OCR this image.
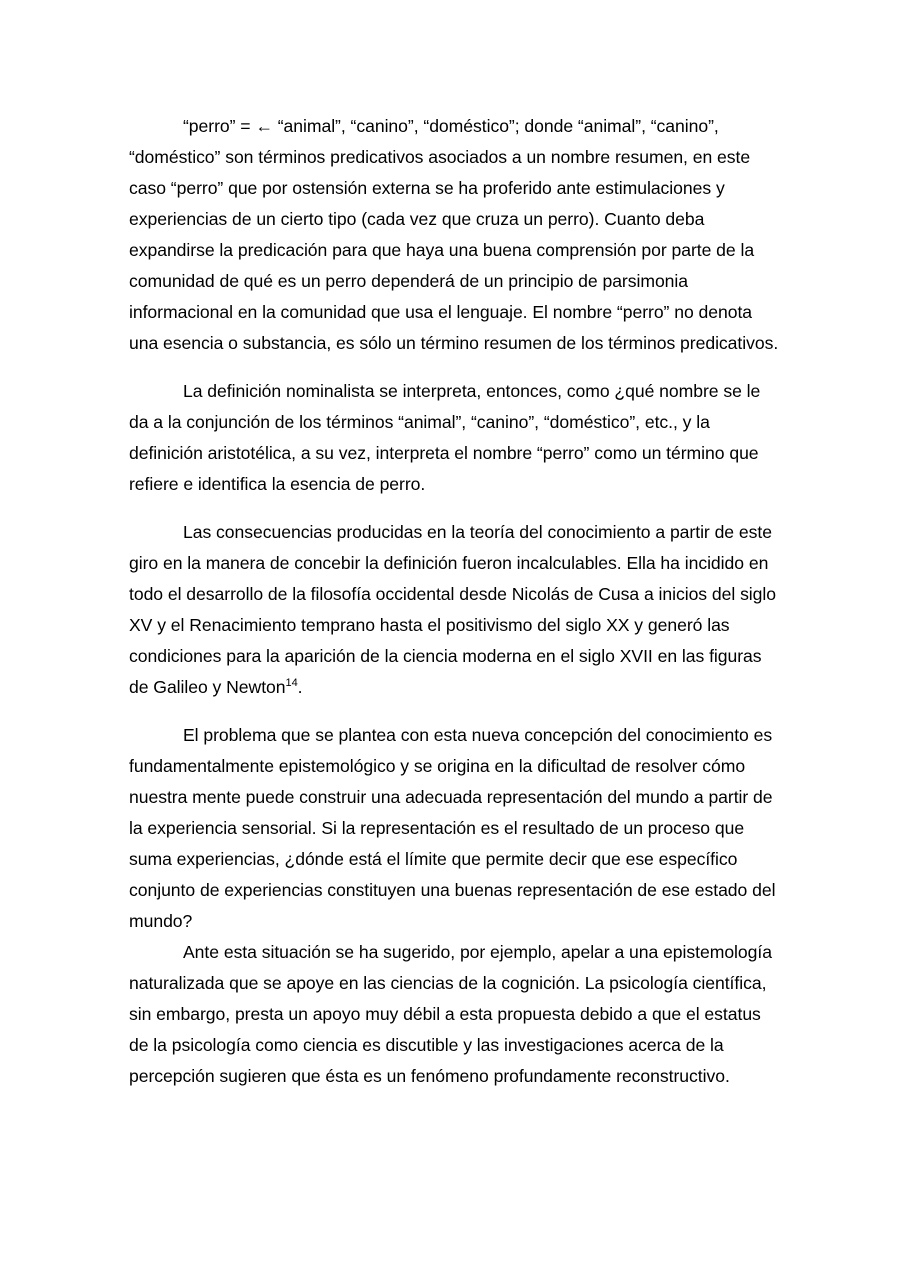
“perro” = ← “animal”, “canino”, “doméstico”; donde “animal”, “canino”, “doméstico” son términos predicativos asociados a un nombre resumen, en este caso “perro” que por ostensión externa se ha proferido ante estimulaciones y experiencias de un cierto tipo (cada vez que cruza un perro). Cuanto deba expandirse la predicación para que haya una buena comprensión por parte de la comunidad de qué es un perro dependerá de un principio de parsimonia informacional en la comunidad que usa el lenguaje. El nombre “perro” no denota una esencia o substancia, es sólo un término resumen de los términos predicativos.

La definición nominalista se interpreta, entonces, como ¿qué nombre se le da a la conjunción de los términos “animal”, “canino”, “doméstico”, etc., y la definición aristotélica, a su vez, interpreta el nombre “perro” como un término que refiere e identifica la esencia de perro.

Las consecuencias producidas en la teoría del conocimiento a partir de este giro en la manera de concebir la definición fueron incalculables. Ella ha incidido en todo el desarrollo de la filosofía occidental desde Nicolás de Cusa a inicios del siglo XV y el Renacimiento temprano hasta el positivismo del siglo XX y generó las condiciones para la aparición de la ciencia moderna en el siglo XVII en las figuras de Galileo y Newton$^{14}$.

El problema que se plantea con esta nueva concepción del conocimiento es fundamentalmente epistemológico y se origina en la dificultad de resolver cómo nuestra mente puede construir una adecuada representación del mundo a partir de la experiencia sensorial. Si la representación es el resultado de un proceso que suma experiencias, ¿dónde está el límite que permite decir que ese específico conjunto de experiencias constituyen una buenas representación de ese estado del mundo?

Ante esta situación se ha sugerido, por ejemplo, apelar a una epistemología naturalizada que se apoye en las ciencias de la cognición. La psicología científica, sin embargo, presta un apoyo muy débil a esta propuesta debido a que el estatus de la psicología como ciencia es discutible y las investigaciones acerca de la percepción sugieren que ésta es un fenómeno profundamente reconstructivo.
